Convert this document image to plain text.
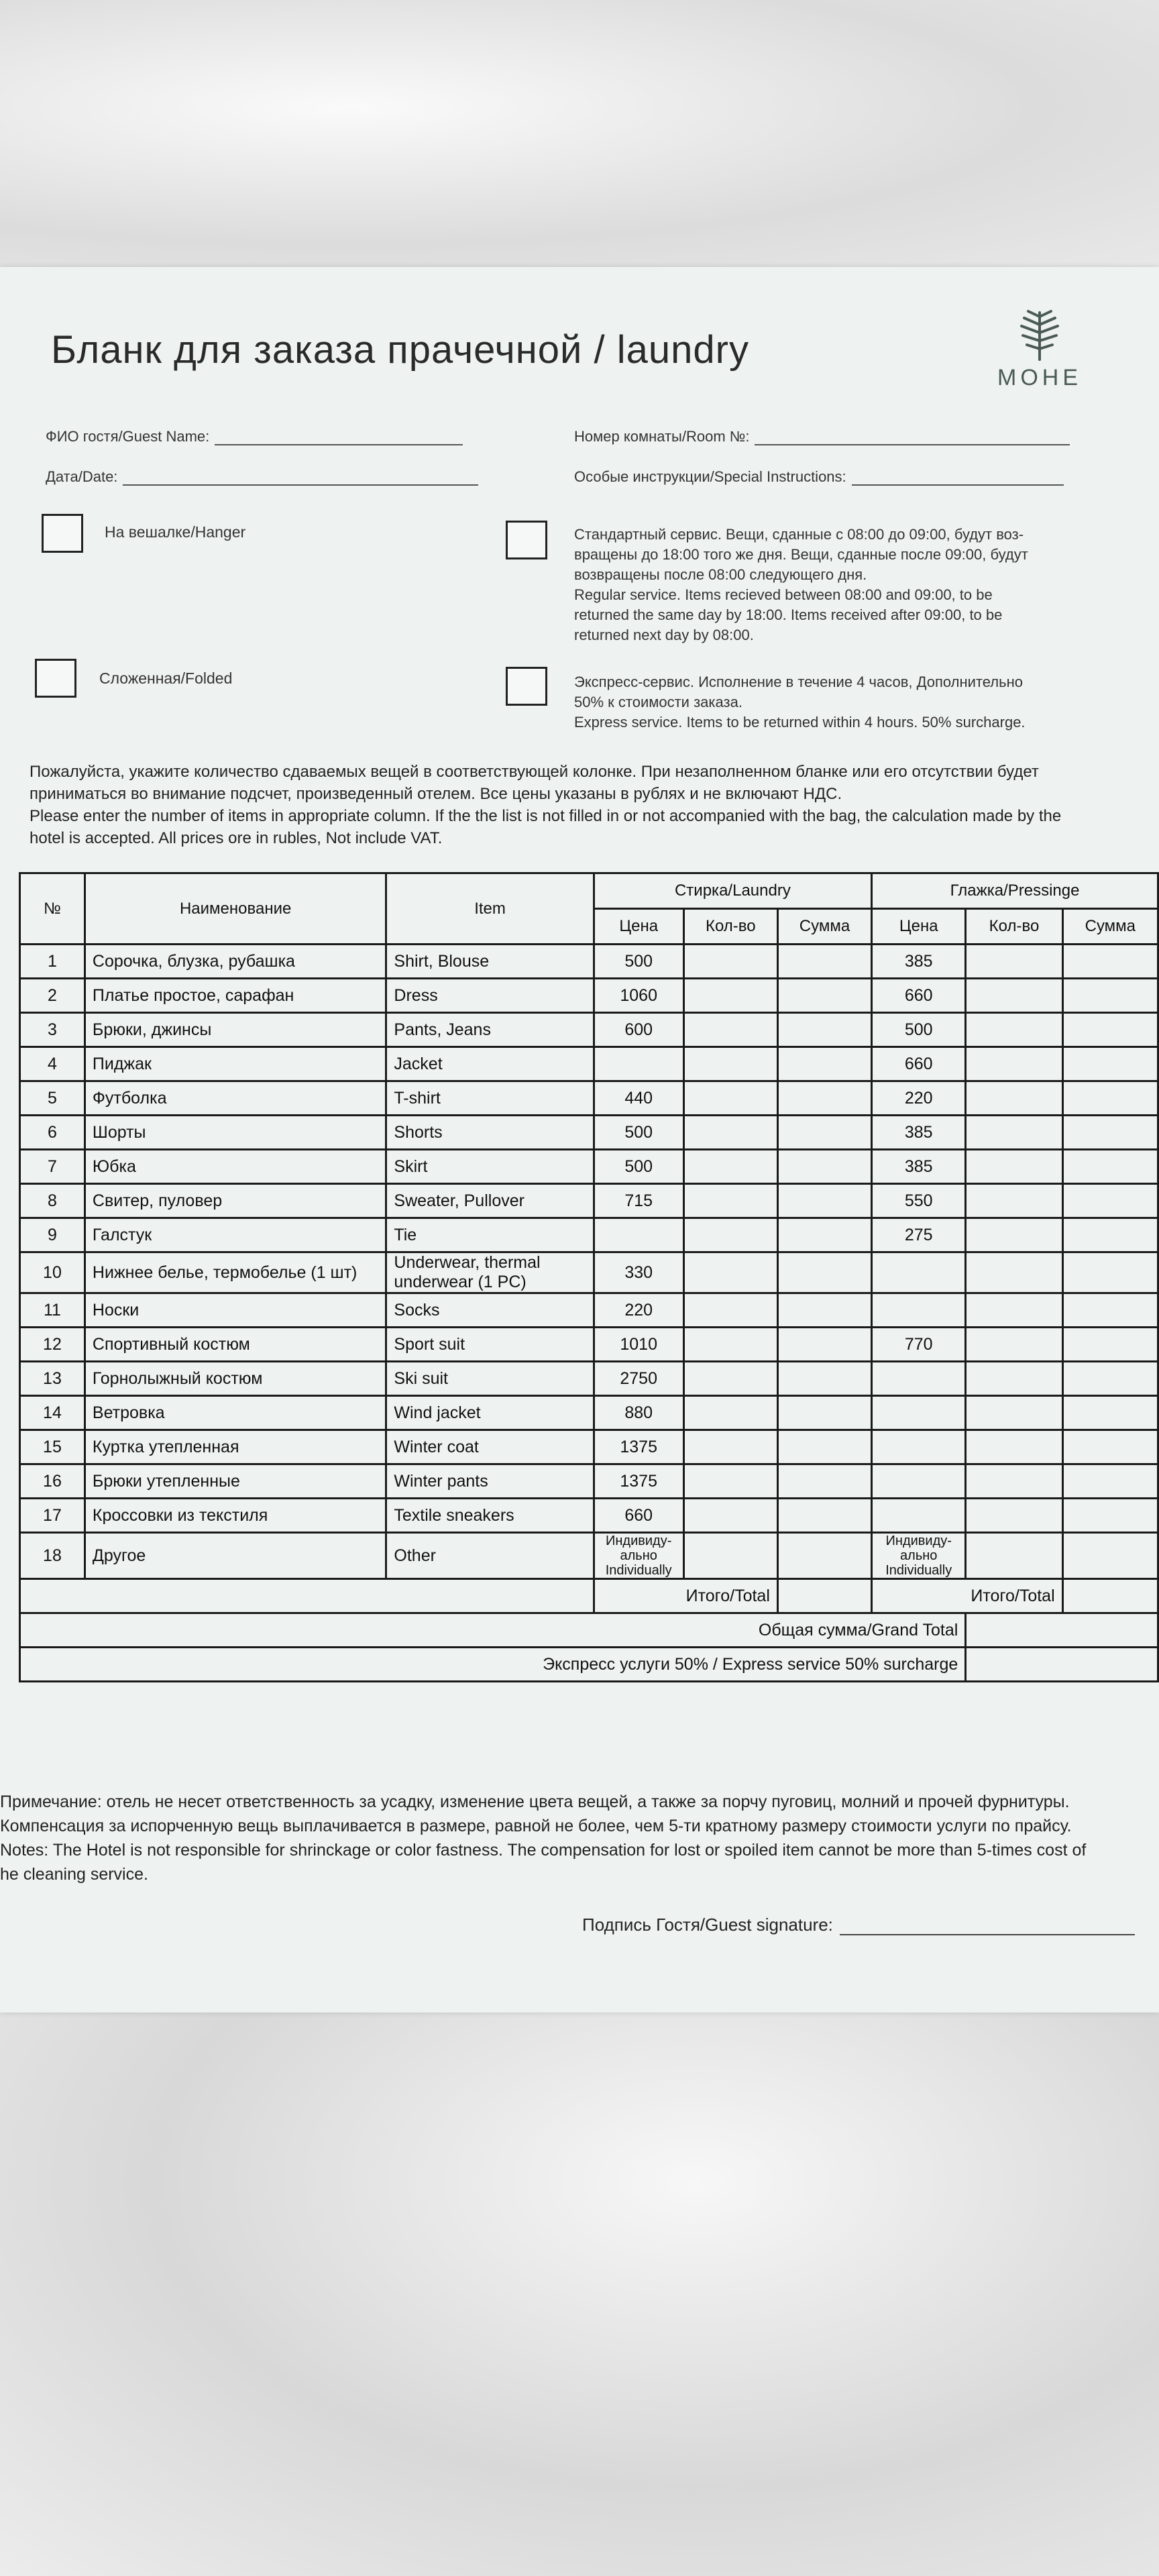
Бланк для заказа прачечной / laundry
MOHE
ФИО гостя/Guest Name:	Номер комнаты/Room №:
Дата/Date:	Особые инструкции/Special Instructions:
На вешалке/Hanger	Стандартный сервис. Вещи, сданные с 08:00 до 09:00, будут воз-
вращены до 18:00 того же дня. Вещи, сданные после 09:00, будут
возвращены после 08:00 следующего дня.
Regular service. Items recieved between 08:00 and 09:00, to be
returned the same day by 18:00. Items received after 09:00, to be
returned next day by 08:00.
Сложенная/Folded	Экспресс-сервис. Исполнение в течение 4 часов, Дополнительно
50% к стоимости заказа.
Express service. Items to be returned within 4 hours. 50% surcharge.
Пожалуйста, укажите количество сдаваемых вещей в соответствующей колонке. При незаполненном бланке или его отсутствии будет
приниматься во внимание подсчет, произведенный отелем. Все цены указаны в рублях и не включают НДС.
Please enter the number of items in appropriate column. If the the list is not filled in or not accompanied with the bag, the calculation made by the
hotel is accepted. All prices ore in rubles, Not include VAT.
№	Наименование	Item	Стирка/Laundry			Глажка/Pressinge		
			Цена	Кол-во	Сумма	Цена	Кол-во	Сумма
1	Сорочка, блузка, рубашка	Shirt, Blouse	500			385		
2	Платье простое, сарафан	Dress	1060			660		
3	Брюки, джинсы	Pants, Jeans	600			500		
4	Пиджак	Jacket				660		
5	Футболка	T-shirt	440			220		
6	Шорты	Shorts	500			385		
7	Юбка	Skirt	500			385		
8	Свитер, пуловер	Sweater, Pullover	715			550		
9	Галстук	Tie				275		
10	Нижнее белье, термобелье (1 шт)	Underwear, thermal underwear (1 PC)	330					
11	Носки	Socks	220					
12	Спортивный костюм	Sport suit	1010			770		
13	Горнолыжный костюм	Ski suit	2750					
14	Ветровка	Wind jacket	880					
15	Куртка утепленная	Winter coat	1375					
16	Брюки утепленные	Winter pants	1375					
17	Кроссовки из текстиля	Textile sneakers	660					
18	Другое	Other	Индивиду-ально Individually			Индивиду-ально Individually		
			Итого/Total			Итого/Total		
Общая сумма/Grand Total								
Экспресс услуги 50% / Express service 50% surcharge								
Примечание: отель не несет ответственность за усадку, изменение цвета вещей, а также за порчу пуговиц, молний и прочей фурнитуры.
Компенсация за испорченную вещь выплачивается в размере, равной не более, чем 5-ти кратному размеру стоимости услуги по прайсу.
Notes: The Hotel is not responsible for shrinckage or color fastness. The compensation for lost or spoiled item cannot be more than 5-times cost of
he cleaning service.
Подпись Гостя/Guest signature:
